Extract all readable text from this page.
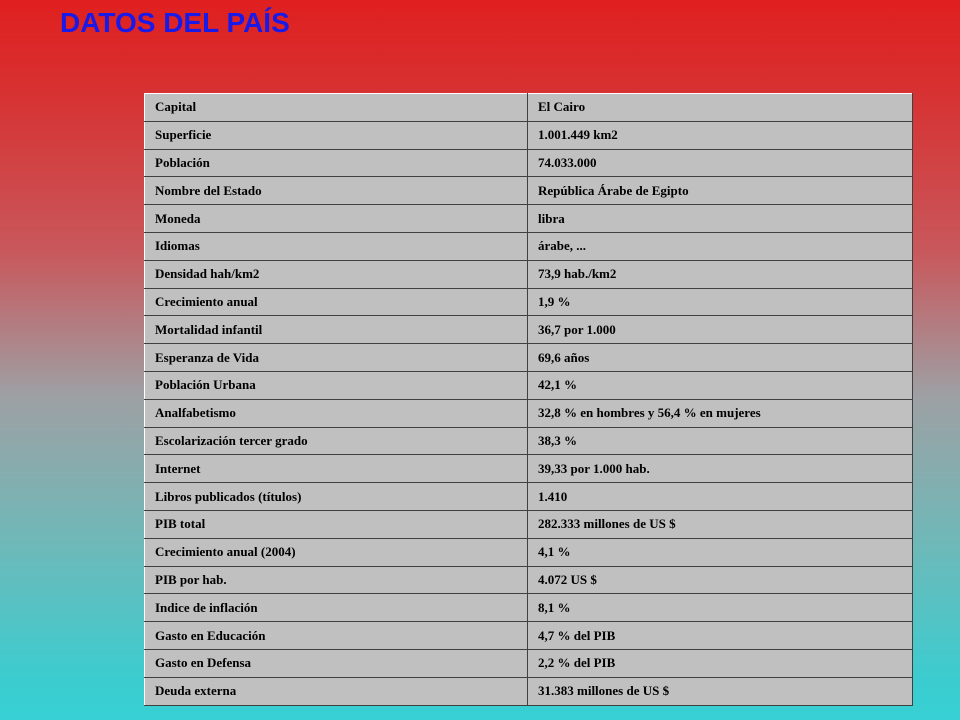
DATOS DEL PAÍS
Capital	El Cairo
Superficie	1.001.449 km2
Población	74.033.000
Nombre del Estado	República Árabe de Egipto
Moneda	libra
Idiomas	árabe, ...
Densidad hah/km2	73,9 hab./km2
Crecimiento anual	1,9 %
Mortalidad infantil	36,7 por 1.000
Esperanza de Vida	69,6 años
Población Urbana	42,1 %
Analfabetismo	32,8 % en hombres y 56,4 % en mujeres
Escolarización tercer grado	38,3 %
Internet	39,33 por 1.000 hab.
Libros publicados (títulos)	1.410
PIB total	282.333 millones de US $
Crecimiento anual (2004)	4,1 %
PIB por hab.	4.072 US $
Indice de inflación	8,1 %
Gasto en Educación	4,7 % del PIB
Gasto en Defensa	2,2 % del PIB
Deuda externa	31.383 millones de US $
